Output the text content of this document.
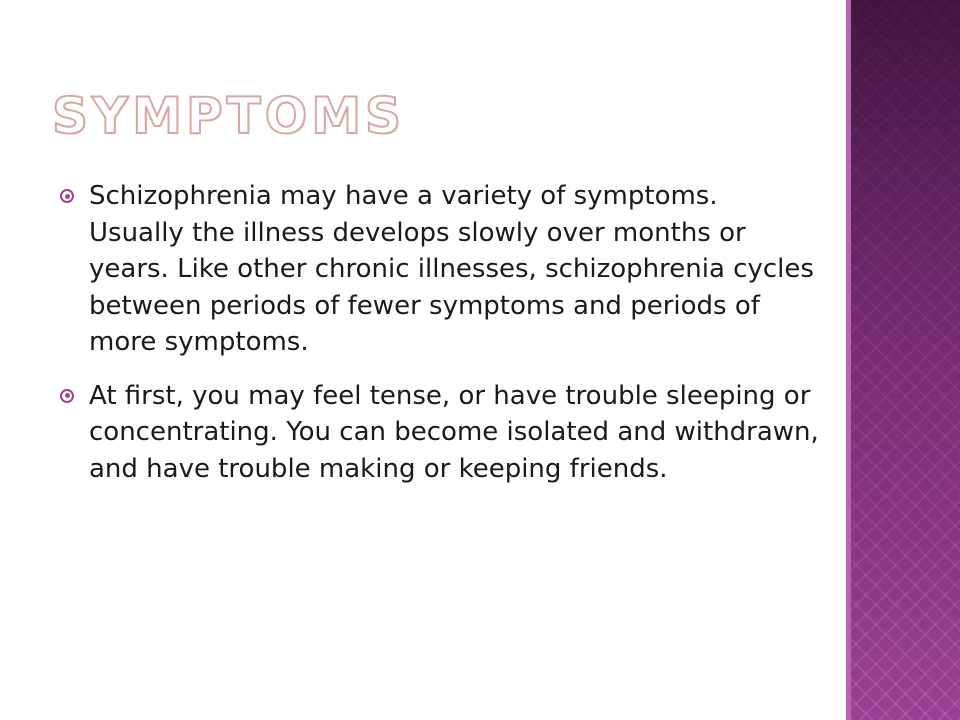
SYMPTOMS
Schizophrenia may have a variety of symptoms. Usually the illness develops slowly over months or years. Like other chronic illnesses, schizophrenia cycles between periods of fewer symptoms and periods of more symptoms.
At first, you may feel tense, or have trouble sleeping or concentrating. You can become isolated and withdrawn, and have trouble making or keeping friends.
